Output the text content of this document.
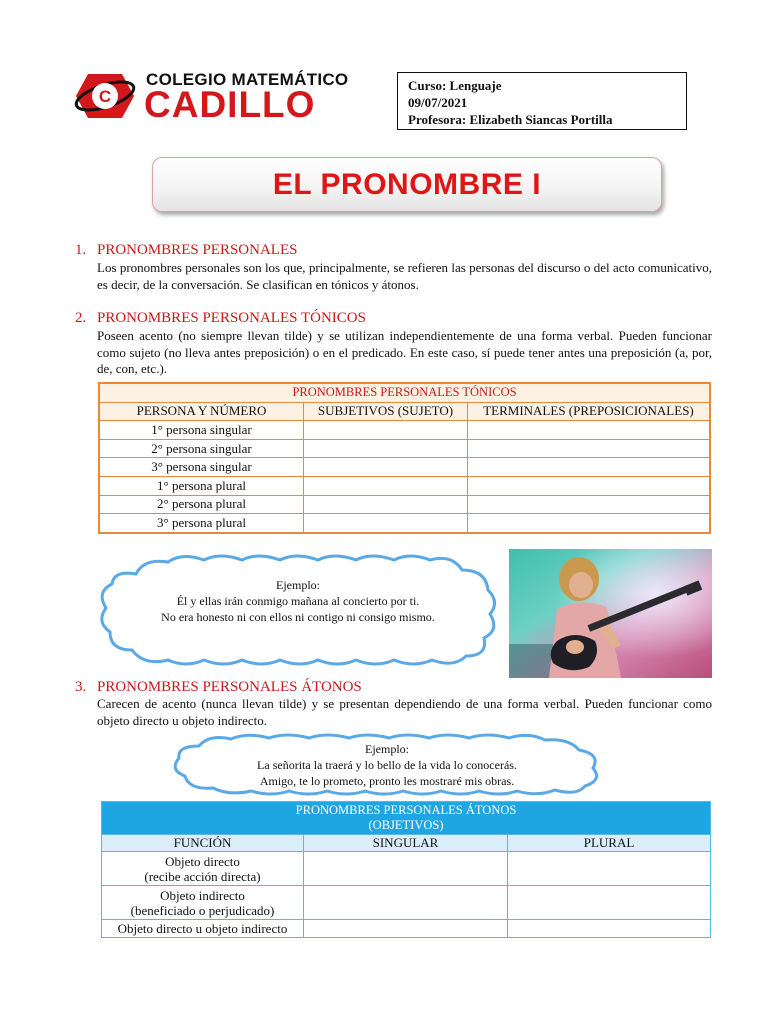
C
COLEGIO MATEMÁTICO
CADILLO	Curso: Lenguaje
09/07/2021
Profesora: Elizabeth Siancas Portilla
EL PRONOMBRE I
1. PRONOMBRES PERSONALES
Los pronombres personales son los que, principalmente, se refieren las personas del discurso o del acto comunicativo, es decir, de la conversación. Se clasifican en tónicos y átonos.
2. PRONOMBRES PERSONALES TÓNICOS
Poseen acento (no siempre llevan tilde) y se utilizan independientemente de una forma verbal. Pueden funcionar como sujeto (no lleva antes preposición) o en el predicado. En este caso, sí puede tener antes una preposición (a, por, de, con, etc.).
PRONOMBRES PERSONALES TÓNICOS		
PERSONA Y NÚMERO	SUBJETIVOS (SUJETO)	TERMINALES (PREPOSICIONALES)
1° persona singular		
2° persona singular		
3° persona singular		
1° persona plural		
2° persona plural		
3° persona plural		
Ejemplo:
Él y ellas irán conmigo mañana al concierto por ti.
No era honesto ni con ellos ni contigo ni consigo mismo.
3. PRONOMBRES PERSONALES ÁTONOS
Carecen de acento (nunca llevan tilde) y se presentan dependiendo de una forma verbal. Pueden funcionar como objeto directo u objeto indirecto.
Ejemplo:
La señorita la traerá y lo bello de la vida lo conocerás.
Amigo, te lo prometo, pronto les mostraré mis obras.
PRONOMBRES PERSONALES ÁTONOS
(OBJETIVOS)		

FUNCIÓN	SINGULAR	PLURAL

Objeto directo
(recibe acción directa)		

Objeto indirecto
(beneficiado o perjudicado)		

Objeto directo u objeto indirecto		
